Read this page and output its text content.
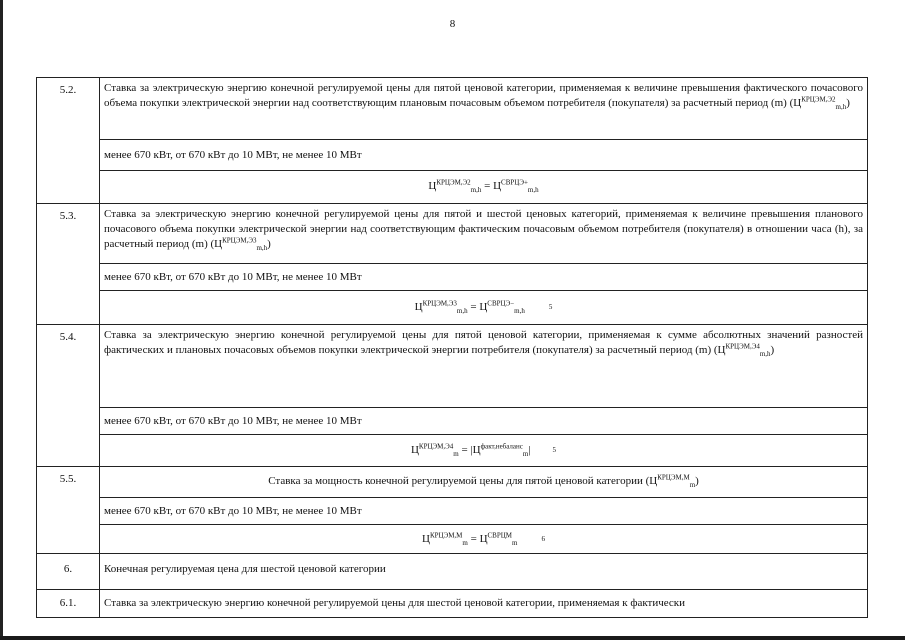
8
5.2.	Ставка за электрическую энергию конечной регулируемой цены для пятой ценовой категории, применяемая к величине превышения фактического почасового объема покупки электрической энергии над соответствующим плановым почасовым объемом потребителя (покупателя) за расчетный период (m) $(Ц^{КРЦЭМ,Э2}_{m,h})$
менее 670 кВт, от 670 кВт до 10 МВт, не менее 10 МВт
$Ц^{КРЦЭМ,Э2}_{m,h} = Ц^{СВРЦЭ+}_{m,h}$
5.3.	Ставка за электрическую энергию конечной регулируемой цены для пятой и шестой ценовых категорий, применяемая к величине превышения планового почасового объема покупки электрической энергии над соответствующим фактическим почасовым объемом потребителя (покупателя) в отношении часа (h), за расчетный период (m) $(Ц^{КРЦЭМ,Э3}_{m,h})$
менее 670 кВт, от 670 кВт до 10 МВт, не менее 10 МВт
$Ц^{КРЦЭМ,Э3}_{m,h} = Ц^{СВРЦЭ-}_{m,h}^5$
5.4.	Ставка за электрическую энергию конечной регулируемой цены для пятой ценовой категории, применяемая к сумме абсолютных значений разностей фактических и плановых почасовых объемов покупки электрической энергии потребителя (покупателя) за расчетный период (m) $(Ц^{КРЦЭМ,Э4}_{m,h})$
менее 670 кВт, от 670 кВт до 10 МВт, не менее 10 МВт
$Ц^{КРЦЭМ,Э4}_m = |Ц^{факт,небаланс}_m|$	$^5$
5.5.	Ставка за мощность конечной регулируемой цены для пятой ценовой категории $(Ц^{КРЦЭМ,М}_m)$
менее 670 кВт, от 670 кВт до 10 МВт, не менее 10 МВт
$Ц^{КРЦЭМ,М}_m = Ц^{СВРЦМ}_m^6$
6.	Конечная регулируемая цена для шестой ценовой категории
6.1.	Ставка за электрическую энергию конечной регулируемой цены для шестой ценовой категории, применяемая к фактически
